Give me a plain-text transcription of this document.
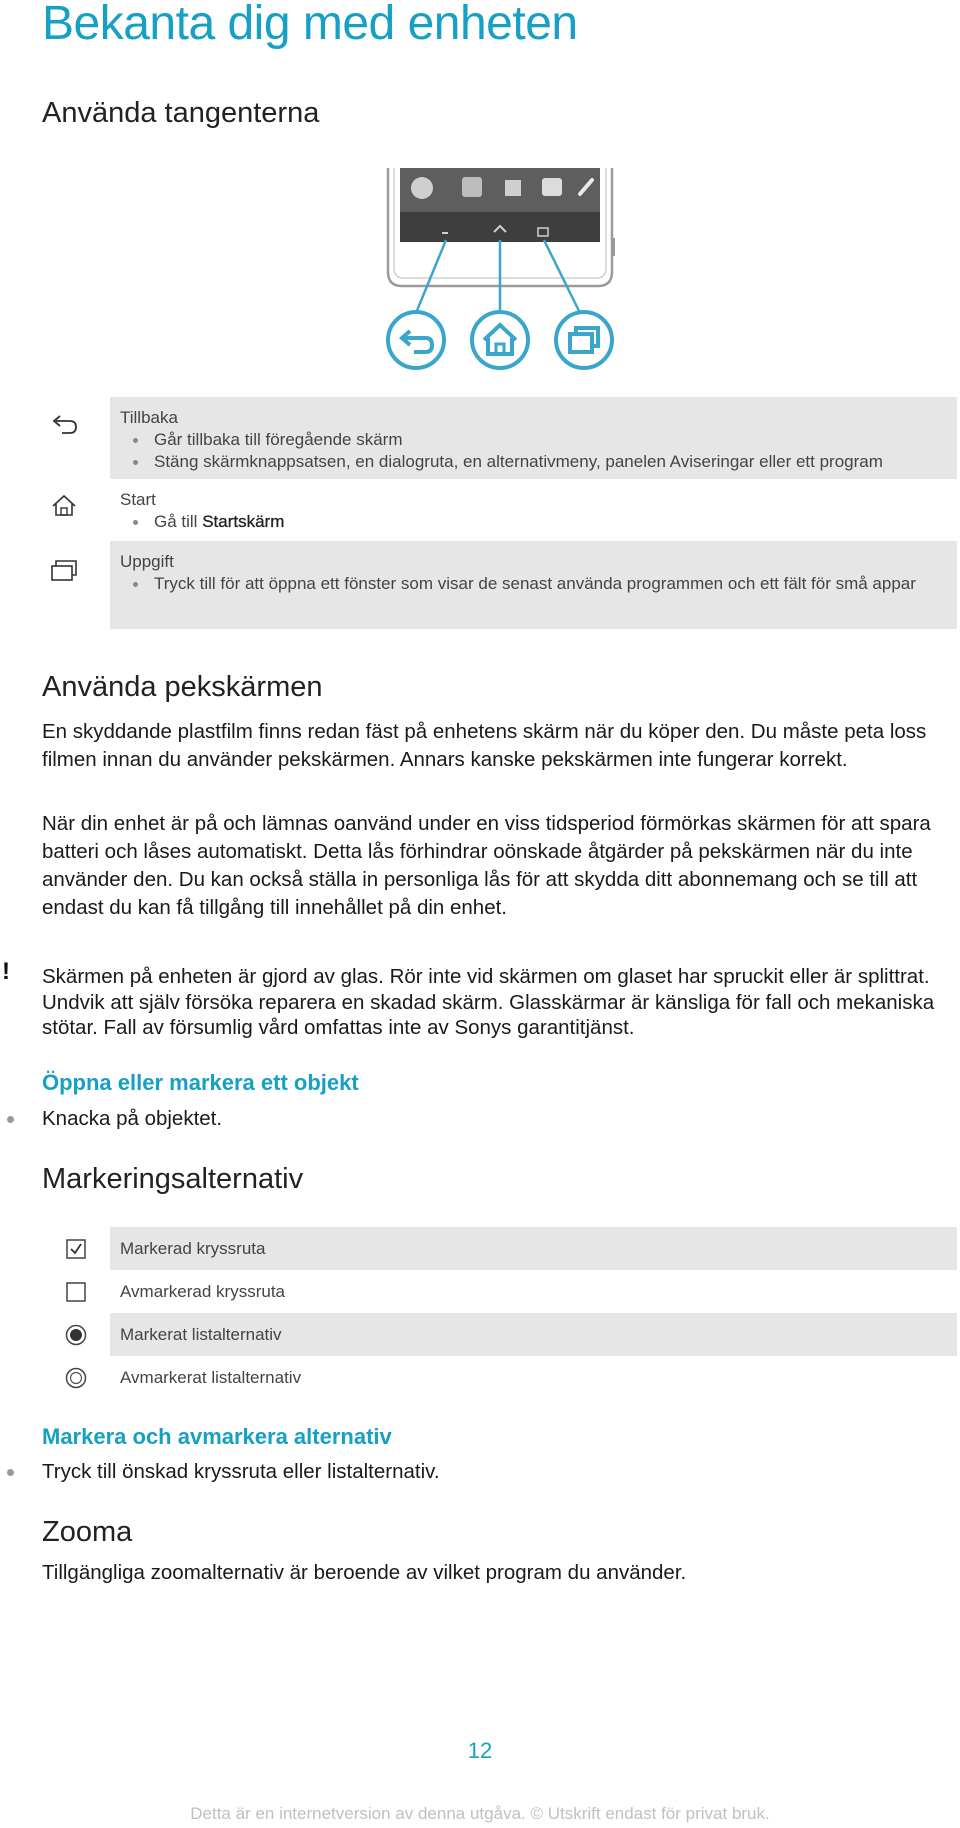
Bekanta dig med enheten
Använda tangenterna
Tillbaka
Går tillbaka till föregående skärm
Stäng skärmknappsatsen, en dialogruta, en alternativmeny, panelen Aviseringar eller ett program
Start
Gå till Startskärm
Uppgift
Tryck till för att öppna ett fönster som visar de senast använda programmen och ett fält för små appar
Använda pekskärmen
En skyddande plastfilm finns redan fäst på enhetens skärm när du köper den. Du måste peta loss filmen innan du använder pekskärmen. Annars kanske pekskärmen inte fungerar korrekt.
När din enhet är på och lämnas oanvänd under en viss tidsperiod förmörkas skärmen för att spara batteri och låses automatiskt. Detta lås förhindrar oönskade åtgärder på pekskärmen när du inte använder den. Du kan också ställa in personliga lås för att skydda ditt abonnemang och se till att endast du kan få tillgång till innehållet på din enhet.
! Skärmen på enheten är gjord av glas. Rör inte vid skärmen om glaset har spruckit eller är splittrat. Undvik att själv försöka reparera en skadad skärm. Glasskärmar är känsliga för fall och mekaniska stötar. Fall av försumlig vård omfattas inte av Sonys garantitjänst.
Öppna eller markera ett objekt
Knacka på objektet.
Markeringsalternativ
Markerad kryssruta
Avmarkerad kryssruta
Markerat listalternativ
Avmarkerat listalternativ
Markera och avmarkera alternativ
Tryck till önskad kryssruta eller listalternativ.
Zooma
Tillgängliga zoomalternativ är beroende av vilket program du använder.
12
Detta är en internetversion av denna utgåva. © Utskrift endast för privat bruk.
